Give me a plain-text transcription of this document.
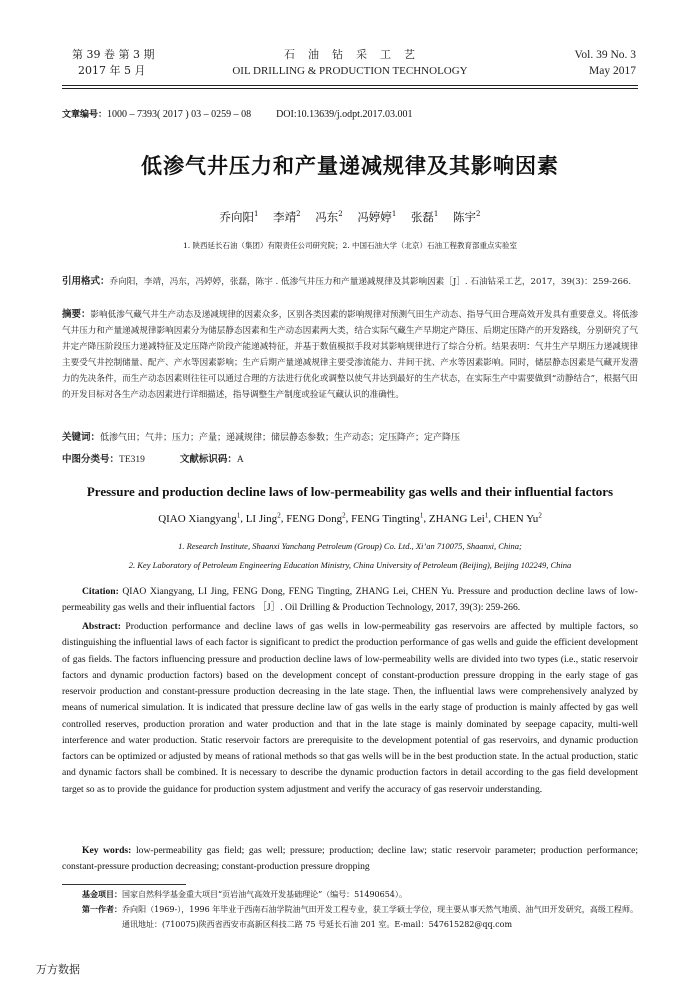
第 39 卷 第 3 期
2017 年 5 月
石　油　钻　采　工　艺
OIL DRILLING & PRODUCTION TECHNOLOGY
Vol. 39 No. 3
May 2017
文章编号：1000 – 7393( 2017 ) 03 – 0259 – 08 DOI:10.13639/j.odpt.2017.03.001
低渗气井压力和产量递减规律及其影响因素
乔向阳$^1$ 李靖$^2$ 冯东$^2$ 冯婷婷$^1$ 张磊$^1$ 陈宇$^2$
1. 陕西延长石油（集团）有限责任公司研究院；2. 中国石油大学（北京）石油工程教育部重点实验室
引用格式：乔向阳，李靖，冯东，冯婷婷，张磊，陈宇 . 低渗气井压力和产量递减规律及其影响因素［J］. 石油钻采工艺，2017，39(3)：259-266.
摘要：影响低渗气藏气井生产动态及递减规律的因素众多，区别各类因素的影响规律对预测气田生产动态、指导气田合理高效开发具有重要意义。将低渗气井压力和产量递减规律影响因素分为储层静态因素和生产动态因素两大类，结合实际气藏生产早期定产降压、后期定压降产的开发路线，分别研究了气井定产降压阶段压力递减特征及定压降产阶段产能递减特征，并基于数值模拟手段对其影响规律进行了综合分析。结果表明：气井生产早期压力递减规律主要受气井控制储量、配产、产水等因素影响；生产后期产量递减规律主要受渗流能力、井间干扰、产水等因素影响。同时，储层静态因素是气藏开发潜力的先决条件，而生产动态因素则往往可以通过合理的方法进行优化或调整以使气井达到最好的生产状态，在实际生产中需要做到“动静结合”，根据气田的开发目标对各生产动态因素进行详细描述，指导调整生产制度或验证气藏认识的准确性。
关键词：低渗气田；气井；压力；产量；递减规律；储层静态参数；生产动态；定压降产；定产降压
中图分类号：TE319	文献标识码：A
Pressure and production decline laws of low-permeability gas wells and their influential factors
QIAO Xiangyang$^1$, LI Jing$^2$, FENG Dong$^2$, FENG Tingting$^1$, ZHANG Lei$^1$, CHEN Yu$^2$
1. Research Institute, Shaanxi Yanchang Petroleum (Group) Co. Ltd., Xi’an 710075, Shaanxi, China;
2. Key Laboratory of Petroleum Engineering Education Ministry, China University of Petroleum (Beijing), Beijing 102249, China
Citation: QIAO Xiangyang, LI Jing, FENG Dong, FENG Tingting, ZHANG Lei, CHEN Yu. Pressure and production decline laws of low-permeability gas wells and their influential factors ［J］. Oil Drilling & Production Technology, 2017, 39(3): 259-266.
Abstract: Production performance and decline laws of gas wells in low-permeability gas reservoirs are affected by multiple factors, so distinguishing the influential laws of each factor is significant to predict the production performance of gas wells and guide the efficient development of gas fields. The factors influencing pressure and production decline laws of low-permeability wells are divided into two types (i.e., static reservoir factors and dynamic production factors) based on the development concept of constant-production pressure dropping in the early stage of gas reservoir production and constant-pressure production decreasing in the late stage. Then, the influential laws were comprehensively analyzed by means of numerical simulation. It is indicated that pressure decline law of gas wells in the early stage of production is mainly affected by gas well controlled reserves, production proration and water production and that in the late stage is mainly dominated by seepage capacity, multi-well interference and water production. Static reservoir factors are prerequisite to the development potential of gas reservoirs, and dynamic production factors can be optimized or adjusted by means of rational methods so that gas wells will be in the best production state. In the actual production, static and dynamic factors shall be combined. It is necessary to describe the dynamic production factors in detail according to the gas field development target so as to provide the guidance for production system adjustment and verify the accuracy of gas reservoir understanding.
Key words: low-permeability gas field; gas well; pressure; production; decline law; static reservoir parameter; production performance; constant-pressure production decreasing; constant-production pressure dropping
基金项目：国家自然科学基金重大项目“页岩油气高效开发基础理论”（编号：51490654）。
第一作者： 乔向阳（1969-），1996 年毕业于西南石油学院油气田开发工程专业，获工学硕士学位，现主要从事天然气地质、油气田开发研究，高级工程师。通讯地址：(710075)陕西省西安市高新区科技二路 75 号延长石油 201 室。E-mail：547615282@qq.com
万方数据
